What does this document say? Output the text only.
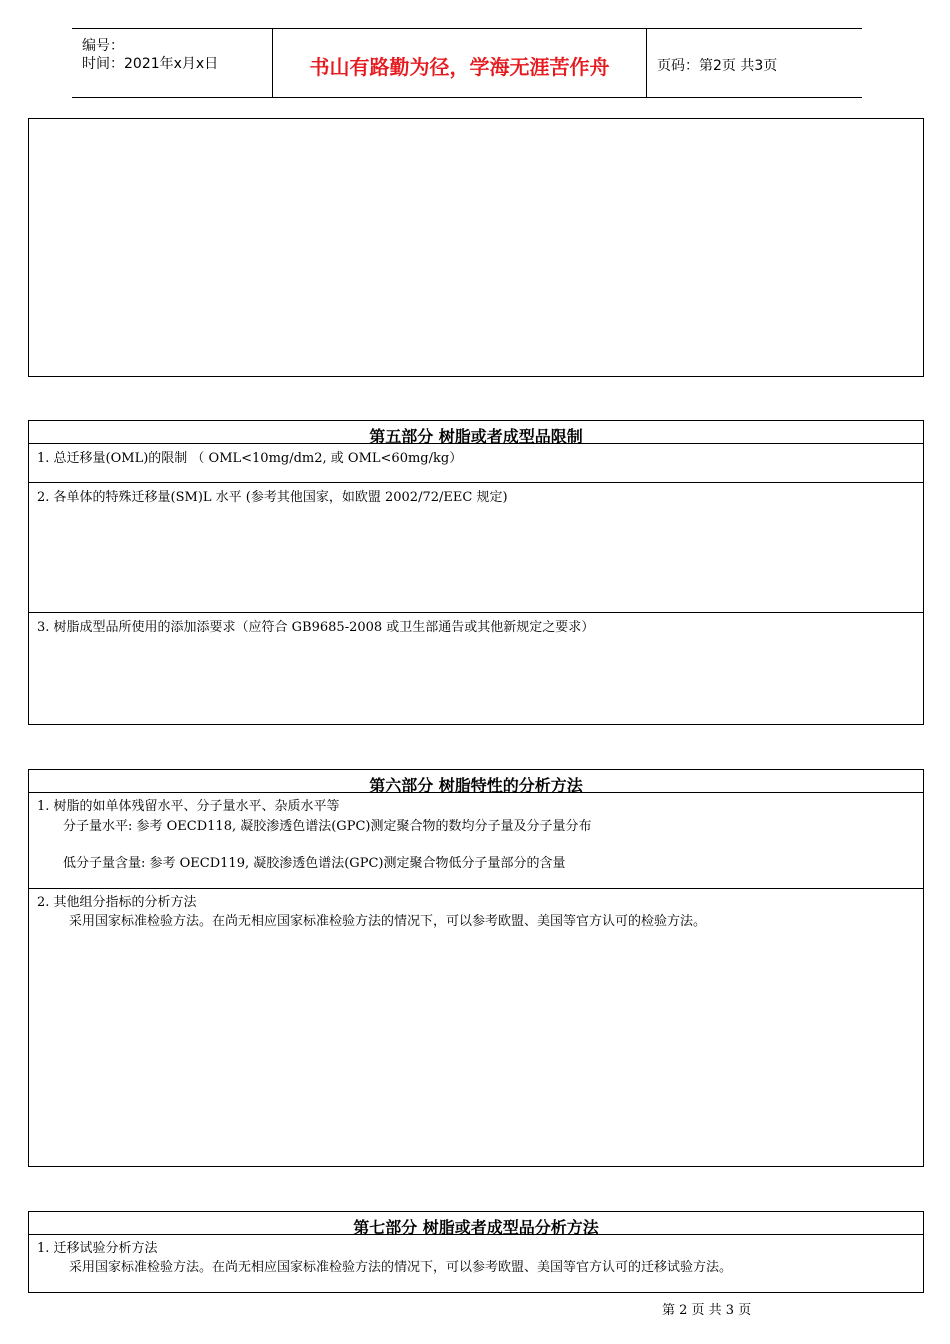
编号：
时间：2021年x月x日	书山有路勤为径，学海无涯苦作舟	页码：第2页 共3页
第五部分 树脂或者成型品限制
1. 总迁移量(OML)的限制 （ OML<10mg/dm2, 或 OML<60mg/kg）
2. 各单体的特殊迁移量(SM)L 水平 (参考其他国家，如欧盟 2002/72/EEC 规定)
3. 树脂成型品所使用的添加添要求（应符合 GB9685-2008 或卫生部通告或其他新规定之要求）
第六部分 树脂特性的分析方法
1. 树脂的如单体残留水平、分子量水平、杂质水平等
分子量水平: 参考 OECD118, 凝胶渗透色谱法(GPC)测定聚合物的数均分子量及分子量分布
低分子量含量: 参考 OECD119, 凝胶渗透色谱法(GPC)测定聚合物低分子量部分的含量
2. 其他组分指标的分析方法
采用国家标准检验方法。在尚无相应国家标准检验方法的情况下，可以参考欧盟、美国等官方认可的检验方法。
第七部分 树脂或者成型品分析方法
1. 迁移试验分析方法
采用国家标准检验方法。在尚无相应国家标准检验方法的情况下，可以参考欧盟、美国等官方认可的迁移试验方法。
第 2 页 共 3 页
